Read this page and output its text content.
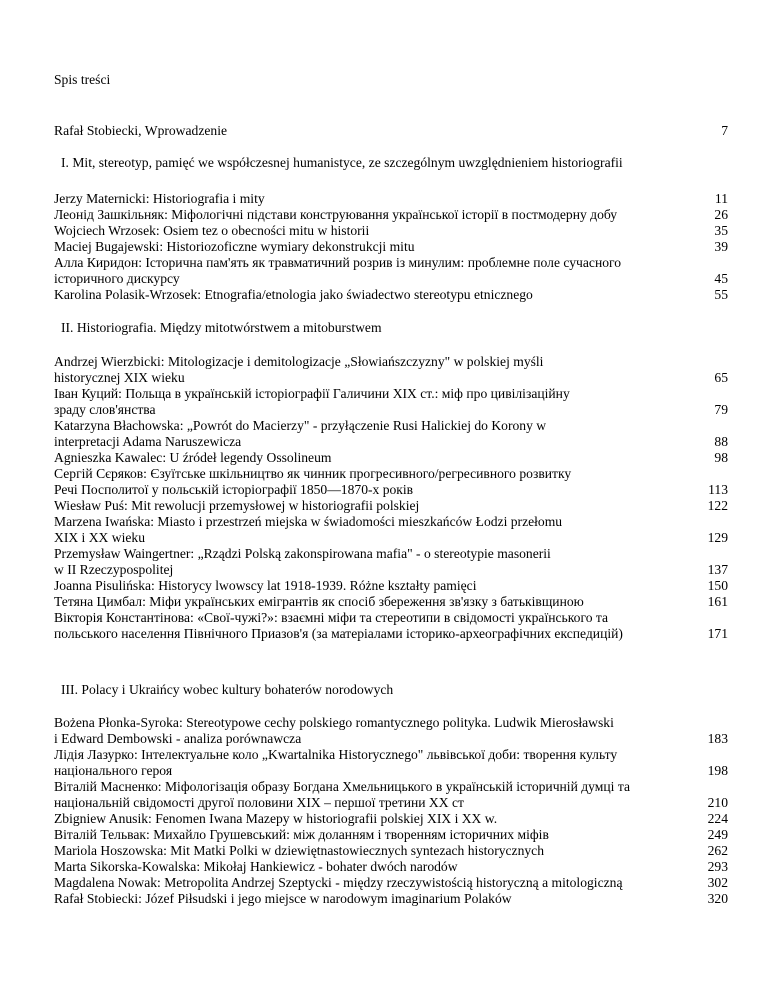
Spis treści
Rafał Stobiecki, Wprowadzenie	7
I. Mit, stereotyp, pamięć we współczesnej humanistyce, ze szczególnym uwzględnieniem historiografii
Jerzy Maternicki: Historiografia i mity	11
Леонід Зашкільняк: Міфологічні підстави конструювання української історії в постмодерну добу	26
Wojciech Wrzosek: Osiem tez o obecności mitu w historii	35
Maciej Bugajewski: Historiozoficzne wymiary dekonstrukcji mitu	39
Алла Киридон: Історична пам'ять як травматичний розрив із минулим: проблемне поле сучасного
історичного дискурсу	45
Karolina Polasik-Wrzosek: Etnografia/etnologia jako świadectwo stereotypu etnicznego	55
II. Historiografia. Między mitotwórstwem a mitoburstwem
Andrzej Wierzbicki: Mitologizacje i demitologizacje „Słowiańszczyzny" w polskiej myśli
historycznej XIX wieku	65
Іван Куций: Польща в українській історіографії Галичини XIX ст.: міф про цивілізаційну
зраду слов'янства	79
Katarzyna Błachowska: „Powrót do Macierzy" - przyłączenie Rusi Halickiej do Korony w
interpretacji Adama Naruszewicza	88
Agnieszka Kawalec: U źródeł legendy Ossolineum	98
Сергій Сєряков: Єзуїтське шкільництво як чинник прогресивного/регресивного розвитку
Речі Посполитої у польській історіографії 1850—1870-х років	113
Wiesław Puś: Mit rewolucji przemysłowej w historiografii polskiej	122
Marzena Iwańska: Miasto i przestrzeń miejska w świadomości mieszkańców Łodzi przełomu
XIX i XX wieku	129
Przemysław Waingertner: „Rządzi Polską zakonspirowana mafia" - o stereotypie masonerii
w II Rzeczypospolitej	137
Joanna Pisulińska: Historycy lwowscy lat 1918-1939. Różne kształty pamięci	150
Тетяна Цимбал: Міфи українських емігрантів як спосіб збереження зв'язку з батьківщиною	161
Вікторія Константінова: «Свої-чужі?»: взаємні міфи та стереотипи в свідомості українського та
польського населення Північного Приазов'я (за матеріалами історико-археографічних експедицій)	171
III. Polacy i Ukraińcy wobec kultury bohaterów norodowych
Bożena Płonka-Syroka: Stereotypowe cechy polskiego romantycznego polityka. Ludwik Mierosławski
i Edward Dembowski - analiza porównawcza	183
Лідія Лазурко: Інтелектуальне коло „Kwartalnika Historycznego" львівської доби: творення культу
національного героя	198
Віталій Масненко: Міфологізація образу Богдана Хмельницького в українській історичній думці та
національній свідомості другої половини XIX – першої третини XX ст	210
Zbigniew Anusik: Fenomen Iwana Mazepy w historiografii polskiej XIX i XX w.	224
Віталій Тельвак: Михайло Грушевський: між доланням і творенням історичних міфів	249
Mariola Hoszowska: Mit Matki Polki w dziewiętnastowiecznych syntezach historycznych	262
Marta Sikorska-Kowalska: Mikołaj Hankiewicz - bohater dwóch narodów	293
Magdalena Nowak: Metropolita Andrzej Szeptycki - między rzeczywistością historyczną a mitologiczną	302
Rafał Stobiecki: Józef Piłsudski i jego miejsce w narodowym imaginarium Polaków	320
